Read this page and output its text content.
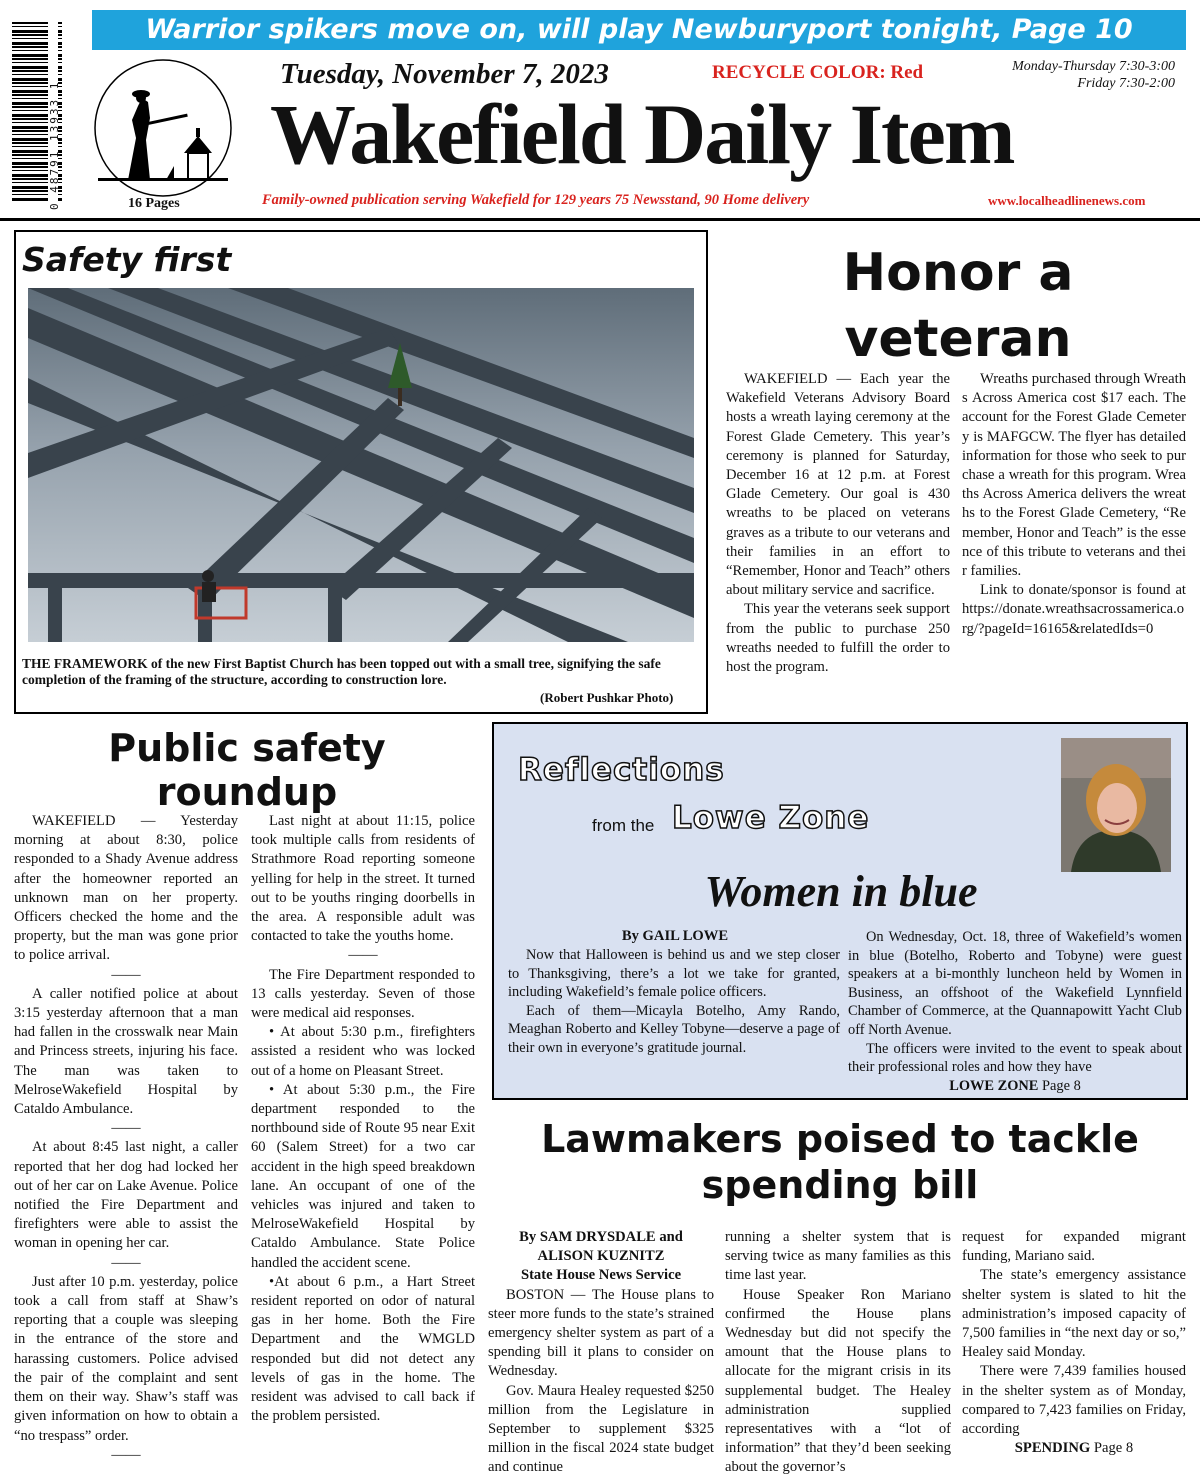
Warrior spikers move on, will play Newburyport tonight, Page 10
0 48791 13933 1	16 Pages
Tuesday, November 7, 2023	RECYCLE COLOR: Red	Monday-Thursday 7:30-3:00
Friday 7:30-2:00
Wakefield Daily Item
Family-owned publication serving Wakefield for 129 years 75 Newsstand, 90 Home delivery	www.localheadlinenews.com
Safety first
THE FRAMEWORK of the new First Baptist Church has been topped out with a small tree, signifying the safe completion of the framing of the structure, according to construction lore.
(Robert Pushkar Photo)
Honor a
veteran

WAKEFIELD — Each year the Wakefield Veterans Advisory Board hosts a wreath laying ceremony at the Forest Glade Cemetery. This year’s ceremony is planned for Saturday, December 16 at 12 p.m. at Forest Glade Cemetery. Our goal is 430 wreaths to be placed on veterans graves as a tribute to our veterans and their families in an effort to “Remember, Honor and Teach” others about military service and sacrifice.

This year the veterans seek support from the public to purchase 250 wreaths needed to fulfill the order to host the program.

Wreaths purchased through Wreaths Across America cost $17 each. The account for the Forest Glade Cemetery is MAFGCW. The flyer has detailed information for those who seek to purchase a wreath for this program. Wreaths Across America delivers the wreaths to the Forest Glade Cemetery, “Remember, Honor and Teach” is the essence of this tribute to veterans and their families.

Link to donate/sponsor is found at https://donate.wreathsacrossamerica.org/?pageId=16165&relatedIds=0

Public safety
roundup

WAKEFIELD — Yesterday morning at about 8:30, police responded to a Shady Avenue address after the homeowner reported an unknown man on her property. Officers checked the home and the property, but the man was gone prior to police arrival.

——

A caller notified police at about 3:15 yesterday afternoon that a man had fallen in the crosswalk near Main and Princess streets, injuring his face. The man was taken to MelroseWakefield Hospital by Cataldo Ambulance.

——

At about 8:45 last night, a caller reported that her dog had locked her out of her car on Lake Avenue. Police notified the Fire Department and firefighters were able to assist the woman in opening her car.

——

Just after 10 p.m. yesterday, police took a call from staff at Shaw’s reporting that a couple was sleeping in the entrance of the store and harassing customers. Police advised the pair of the complaint and sent them on their way. Shaw’s staff was given information on how to obtain a “no trespass” order.

——

Last night at about 11:15, police took multiple calls from residents of Strathmore Road reporting someone yelling for help in the street. It turned out to be youths ringing doorbells in the area. A responsible adult was contacted to take the youths home.

——

The Fire Department responded to 13 calls yesterday. Seven of those were medical aid responses.

• At about 5:30 p.m., firefighters assisted a resident who was locked out of a home on Pleasant Street.

• At about 5:30 p.m., the Fire department responded to the northbound side of Route 95 near Exit 60 (Salem Street) for a two car accident in the high speed breakdown lane. An occupant of one of the vehicles was injured and taken to MelroseWakefield Hospital by Cataldo Ambulance. State Police handled the accident scene.

•At about 6 p.m., a Hart Street resident reported on odor of natural gas in her home. Both the Fire Department and the WMGLD responded but did not detect any levels of gas in the home. The resident was advised to call back if the problem persisted.

Reflections
from the Lowe Zone
Women in blue
By GAIL LOWE

Now that Halloween is behind us and we step closer to Thanksgiving, there’s a lot we take for granted, including Wakefield’s female police officers.

Each of them—Micayla Botelho, Amy Rando, Meaghan Roberto and Kelley Tobyne—deserve a page of their own in everyone’s gratitude journal.

On Wednesday, Oct. 18, three of Wakefield’s women in blue (Botelho, Roberto and Tobyne) were guest speakers at a bi-monthly luncheon held by Women in Business, an offshoot of the Wakefield Lynnfield Chamber of Commerce, at the Quannapowitt Yacht Club off North Avenue.

The officers were invited to the event to speak about their professional roles and how they have

LOWE ZONE Page 8
Lawmakers poised to tackle
spending bill
By SAM DRYSDALE and
ALISON KUZNITZ
State House News Service

BOSTON — The House plans to steer more funds to the state’s strained emergency shelter system as part of a spending bill it plans to consider on Wednesday.

Gov. Maura Healey requested $250 million from the Legislature in September to supplement $325 million in the fiscal 2024 state budget and continue

running a shelter system that is serving twice as many families as this time last year.

House Speaker Ron Mariano confirmed the House plans Wednesday but did not specify the amount that the House plans to allocate for the migrant crisis in its supplemental budget. The Healey administration supplied representatives with a “lot of information” that they’d been seeking about the governor’s

request for expanded migrant funding, Mariano said.

The state’s emergency assistance shelter system is slated to hit the administration’s imposed capacity of 7,500 families in “the next day or so,” Healey said Monday.

There were 7,439 families housed in the shelter system as of Monday, compared to 7,423 families on Friday, according

SPENDING Page 8
